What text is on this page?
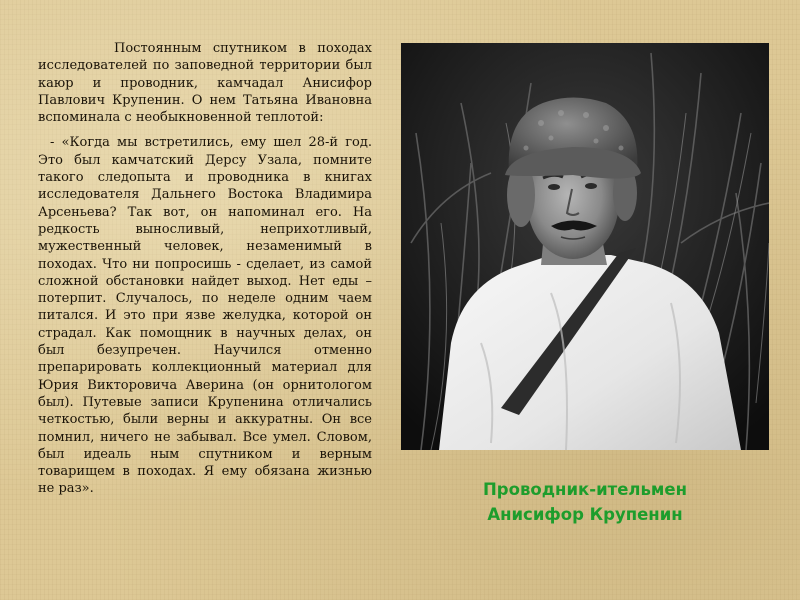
Постоянным спутником в походах исследователей по заповедной территории был каюр и проводник, камчадал Анисифор Павлович Крупенин. О нем Татьяна Ивановна вспоминала с необыкновенной теплотой:

- «Когда мы встретились, ему шел 28-й год. Это был камчатский Дерсу Узала, помните такого следопыта и проводника в книгах исследователя Дальнего Востока Владимира Арсеньева? Так вот, он напоминал его. На редкость выносливый, неприхотливый, мужественный человек, незаменимый в походах. Что ни попросишь - сделает, из самой сложной обстановки найдет выход. Нет еды – потерпит. Случалось, по неделе одним чаем питался. И это при язве желудка, которой он страдал. Как помощник в научных делах, он был безупречен. Научился отменно препарировать коллекционный материал для Юрия Викторовича Аверина (он орнитологом был). Путевые записи Крупенина отличались четкостью, были верны и аккуратны. Он все помнил, ничего не забывал. Все умел. Словом, был идеаль ным спутником и верным товарищем в походах. Я ему обязана жизнью не раз».	Проводник-ительмен
Анисифор Крупенин
